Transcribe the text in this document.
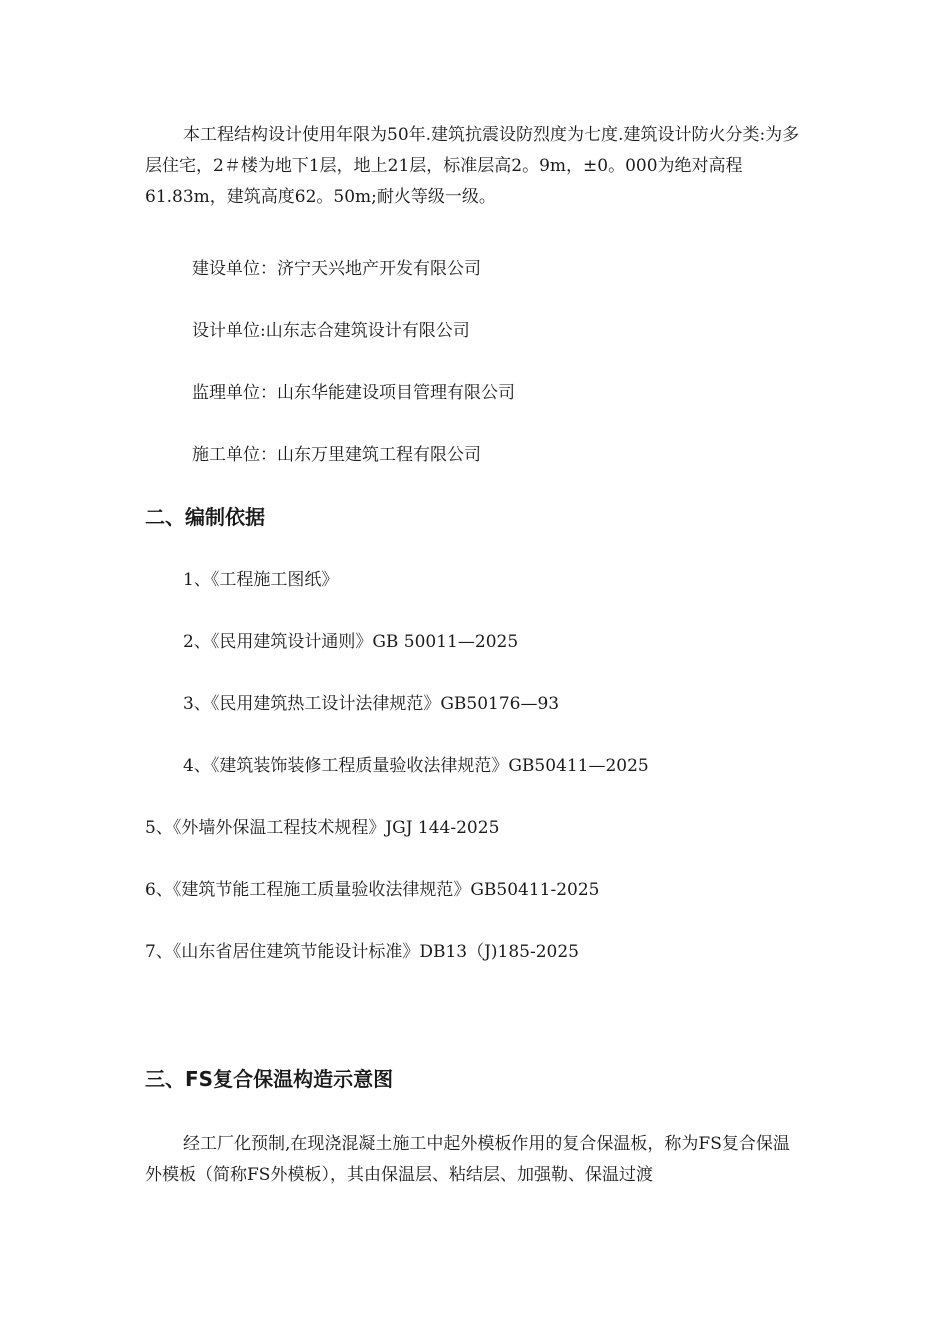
本工程结构设计使用年限为50年.建筑抗震设防烈度为七度.建筑设计防火分类:为多层住宅，2＃楼为地下1层，地上21层，标准层高2。9m，±0。000为绝对高程61.83m，建筑高度62。50m;耐火等级一级。

建设单位：济宁天兴地产开发有限公司

设计单位:山东志合建筑设计有限公司

监理单位：山东华能建设项目管理有限公司

施工单位：山东万里建筑工程有限公司

二、编制依据

1、《工程施工图纸》

2、《民用建筑设计通则》GB 50011—2025

3、《民用建筑热工设计法律规范》GB50176—93

4、《建筑装饰装修工程质量验收法律规范》GB50411—2025

5、《外墙外保温工程技术规程》JGJ 144-2025

6、《建筑节能工程施工质量验收法律规范》GB50411-2025

7、《山东省居住建筑节能设计标准》DB13（J)185-2025

三、FS复合保温构造示意图

经工厂化预制,在现浇混凝土施工中起外模板作用的复合保温板，称为FS复合保温外模板（简称FS外模板），其由保温层、粘结层、加强勒、保温过渡
